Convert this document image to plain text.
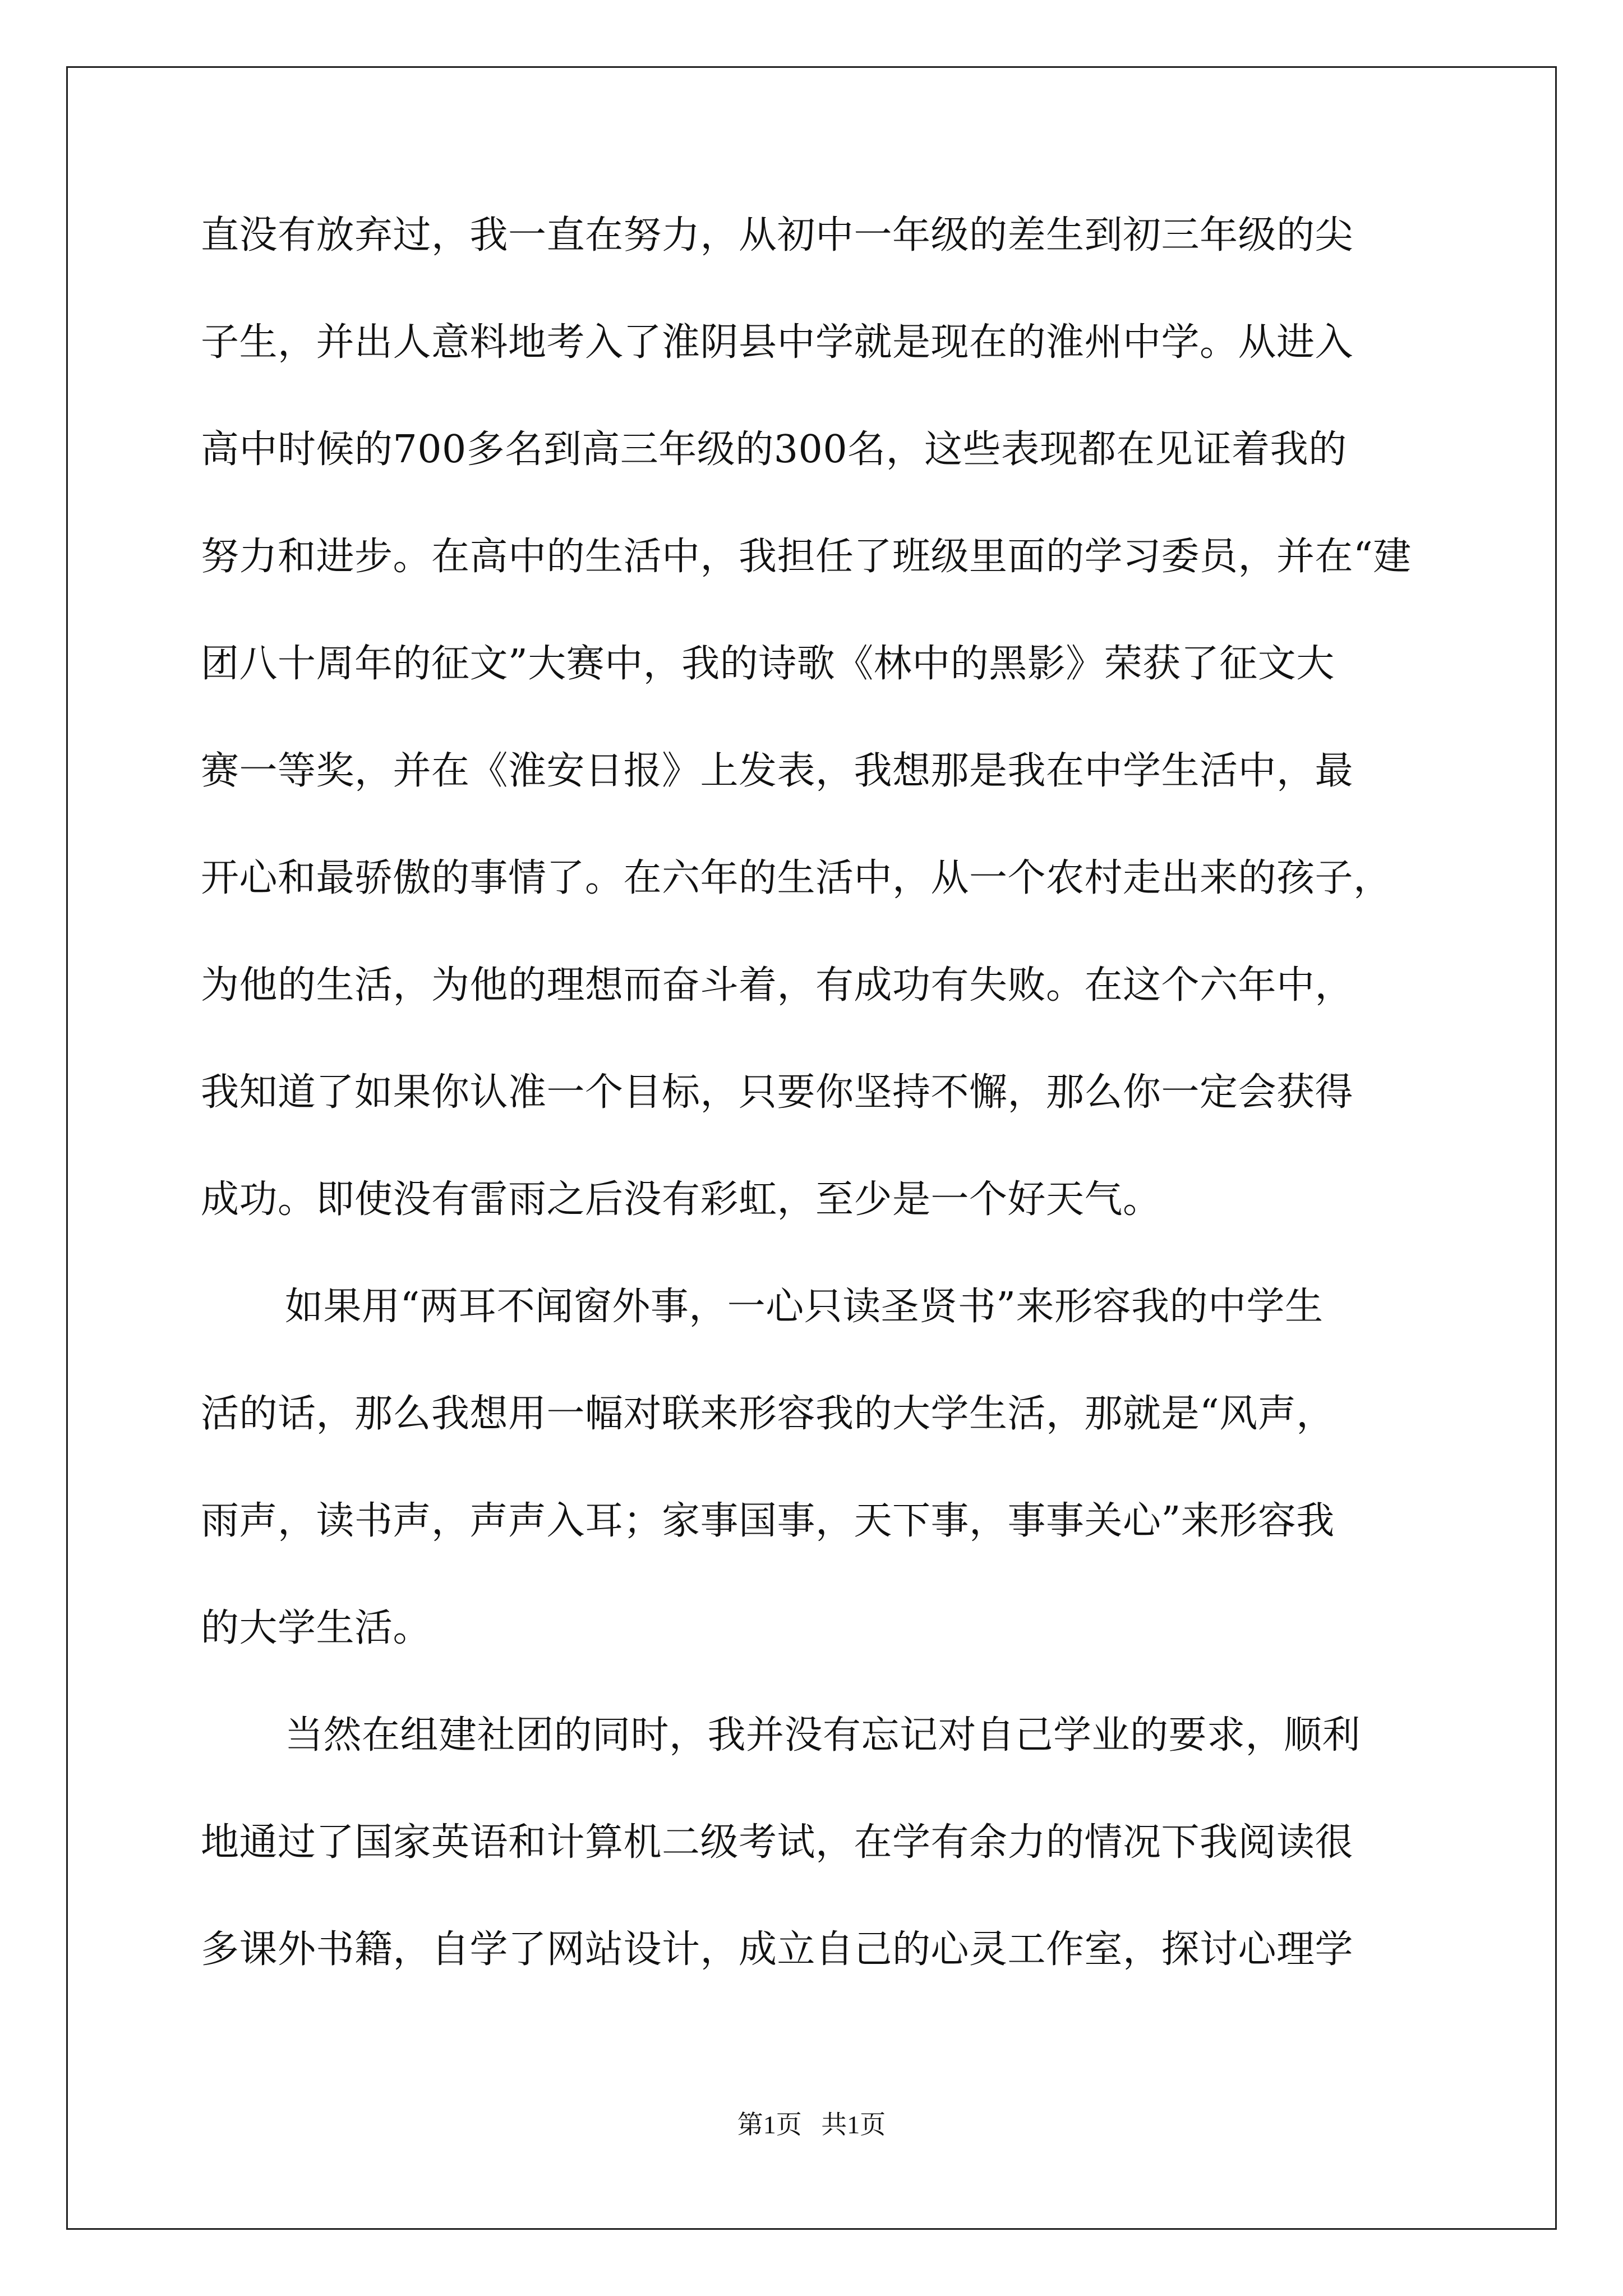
直没有放弃过，我一直在努力，从初中一年级的差生到初三年级的尖
子生，并出人意料地考入了淮阴县中学就是现在的淮州中学。从进入
高中时候的700多名到高三年级的300名，这些表现都在见证着我的
努力和进步。在高中的生活中，我担任了班级里面的学习委员，并在“建
团八十周年的征文”大赛中，我的诗歌《林中的黑影》荣获了征文大
赛一等奖，并在《淮安日报》上发表，我想那是我在中学生活中，最
开心和最骄傲的事情了。在六年的生活中，从一个农村走出来的孩子，
为他的生活，为他的理想而奋斗着，有成功有失败。在这个六年中，
我知道了如果你认准一个目标，只要你坚持不懈，那么你一定会获得
成功。即使没有雷雨之后没有彩虹，至少是一个好天气。
如果用“两耳不闻窗外事，一心只读圣贤书”来形容我的中学生
活的话，那么我想用一幅对联来形容我的大学生活，那就是“风声，
雨声，读书声，声声入耳；家事国事，天下事，事事关心”来形容我
的大学生活。
当然在组建社团的同时，我并没有忘记对自己学业的要求，顺利
地通过了国家英语和计算机二级考试，在学有余力的情况下我阅读很
多课外书籍，自学了网站设计，成立自己的心灵工作室，探讨心理学
第1页   共1页
